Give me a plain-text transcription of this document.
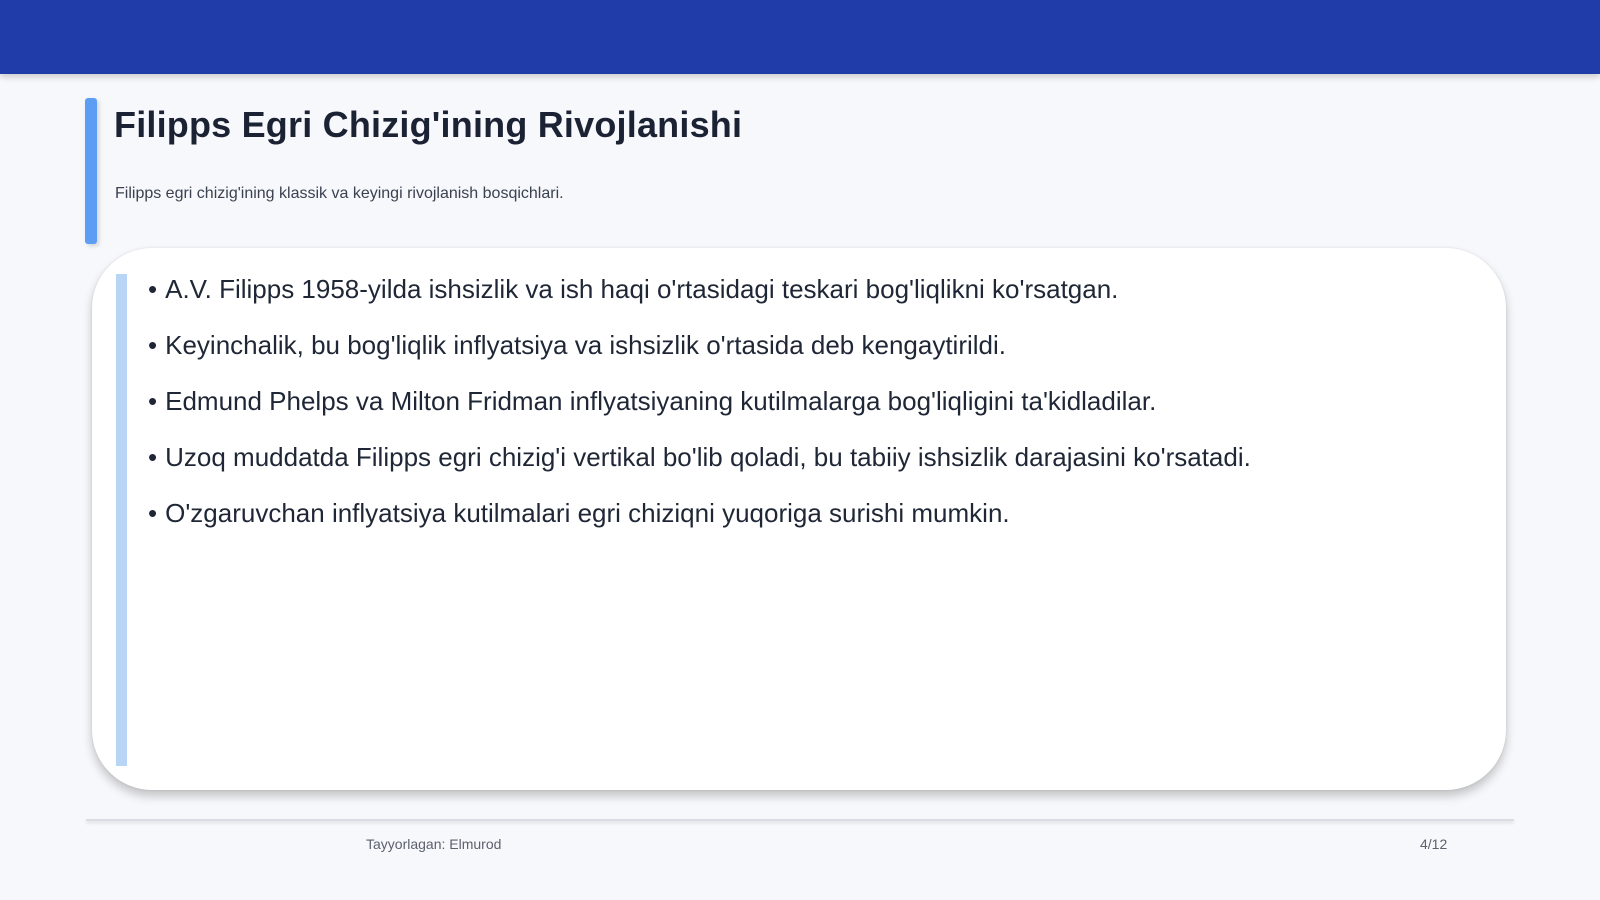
Filipps Egri Chizig'ining Rivojlanishi

Filipps egri chizig'ining klassik va keyingi rivojlanish bosqichlari.

• A.V. Filipps 1958-yilda ishsizlik va ish haqi o'rtasidagi teskari bog'liqlikni ko'rsatgan.
• Keyinchalik, bu bog'liqlik inflyatsiya va ishsizlik o'rtasida deb kengaytirildi.
• Edmund Phelps va Milton Fridman inflyatsiyaning kutilmalarga bog'liqligini ta'kidladilar.
• Uzoq muddatda Filipps egri chizig'i vertikal bo'lib qoladi, bu tabiiy ishsizlik darajasini ko'rsatadi.
• O'zgaruvchan inflyatsiya kutilmalari egri chiziqni yuqoriga surishi mumkin.
Tayyorlagan: Elmurod	4/12
